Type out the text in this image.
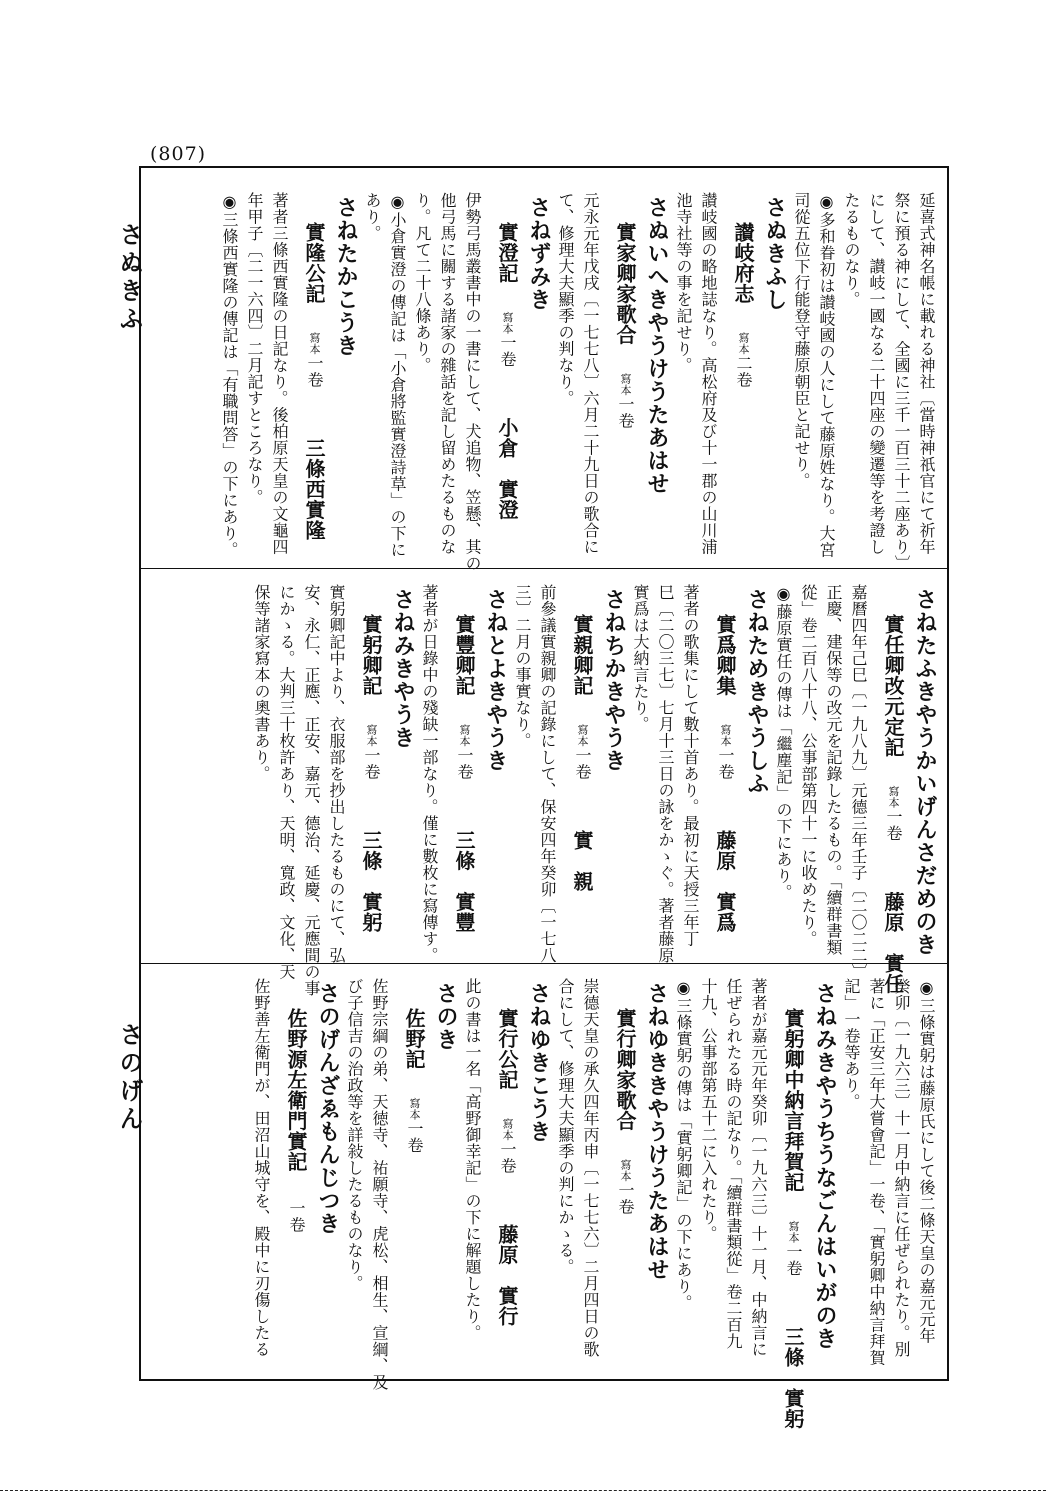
(807)
さぬきふ
さのげん
延喜式神名帳に載れる神社〔當時神祇官にて祈年
祭に預る神にして、全國に三千一百三十二座あり〕
にして、讃岐一國なる二十四座の變遷等を考證し
たるものなり。
◉多和眷初は讃岐國の人にして藤原姓なり。大宮
司從五位下行能登守藤原朝臣と記せり。
さぬきふし
讃岐府志寫本二卷
讃岐國の略地誌なり。高松府及び十一郡の山川浦
池寺社等の事を記せり。
さぬいへきやうけうたあはせ
實家卿家歌合寫本一卷
元永元年戊戌〔一七七八〕六月二十九日の歌合に
て、修理大夫顯季の判なり。
さねずみき
實澄記寫本一卷小倉　實澄
伊勢弓馬叢書中の一書にして、犬追物、笠懸、其の
他弓馬に關する諸家の雜話を記し留めたるものな
り。凡て二十八條あり。
◉小倉實澄の傳記は「小倉將監實澄詩草」の下に
あり。
さねたかこうき
實隆公記寫本一卷三條西實隆
著者三條西實隆の日記なり。後柏原天皇の文龜四
年甲子〔二一六四〕二月記すところなり。
◉三條西實隆の傳記は「有職問答」の下にあり。
さねたふきやうかいげんさだめのき
實任卿改元定記寫本一卷藤原　實任
嘉曆四年己巳〔一九八九〕元德三年壬子〔二〇二二〕
正慶、建保等の改元を記錄したるもの。「續群書類
從」卷二百八十八、公事部第四十一に收めたり。
◉藤原實任の傳は「繼塵記」の下にあり。
さねためきやうしふ
實爲卿集寫本一卷藤原　實爲
著者の歌集にして數十首あり。最初に天授三年丁
巳〔二〇三七〕七月十三日の詠をかゝぐ。著者藤原
實爲は大納言たり。
さねちかきやうき
實親卿記寫本一卷實　親
前參議實親卿の記錄にして、保安四年癸卯〔一七八
三〕二月の事實なり。
さねとよきやうき
實豐卿記寫本一卷三條　實豐
著者が日錄中の殘缺一部なり。僅に數枚に寫傳す。
さねみきやうき
實躬卿記寫本一卷三條　實躬
實躬卿記中より、衣服部を抄出したるものにて、弘
安、永仁、正應、正安、嘉元、德治、延慶、元應間の事
にかゝる。大判三十枚許あり、天明、寬政、文化、天
保等諸家寫本の奧書あり。
◉三條實躬は藤原氏にして後二條天皇の嘉元元年
癸卯〔一九六三〕十一月中納言に任ぜられたり。別
著に「正安三年大嘗會記」一卷、「實躬卿中納言拜賀
記」一卷等あり。
さねみきやうちうなごんはいがのき
實躬卿中納言拜賀記寫本一卷三條　實躬
著者が嘉元元年癸卯〔一九六三〕十一月、中納言に
任ぜられたる時の記なり。「續群書類從」卷二百九
十九、公事部第五十二に入れたり。
◉三條實躬の傳は「實躬卿記」の下にあり。
さねゆききやうけうたあはせ
實行卿家歌合寫本一卷
崇德天皇の承久四年丙申〔一七七六〕二月四日の歌
合にして、修理大夫顯季の判にかゝる。
さねゆきこうき
實行公記寫本一卷藤原　實行
此の書は一名「高野御幸記」の下に解題したり。
さのき
佐野記寫本一卷
佐野宗綱の弟、天徳寺、祐願寺、虎松、相生、宣綱、及
び子信吉の治政等を詳敍したるものなり。
さのげんざゑもんじつき
佐野源左衛門實記一卷
佐野善左衛門が、田沼山城守を、殿中に刃傷したる
